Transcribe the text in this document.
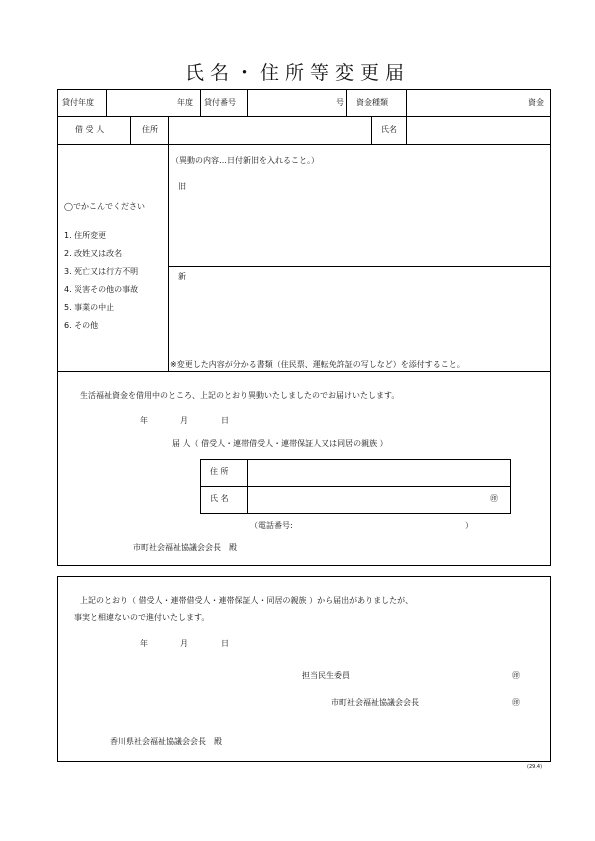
氏名・住所等変更届
貸付年度	年度 貸付番号	号 資金種類	資金
借 受 人	住所	氏名
◯でかこんでください
1. 住所変更
2. 改姓又は改名
3. 死亡又は行方不明
4. 災害その他の事故
5. 事業の中止
6. その他
（異動の内容…日付新旧を入れること。）
旧
新
※変更した内容が分かる書類（住民票、運転免許証の写しなど）を添付すること。
生活福祉資金を借用中のところ、上記のとおり異動いたしましたのでお届けいたします。
年	月	日
届 人（ 借受人・連帯借受人・連帯保証人又は同居の親族 ）
住 所
氏 名	㊞
（電話番号:	）
市町社会福祉協議会会長　殿
上記のとおり（ 借受人・連帯借受人・連帯保証人・同居の親族 ）から届出がありましたが、
事実と相違ないので進付いたします。
年	月	日
担当民生委員	㊞
市町社会福祉協議会会長	㊞
香川県社会福祉協議会会長　殿
(29.4)
